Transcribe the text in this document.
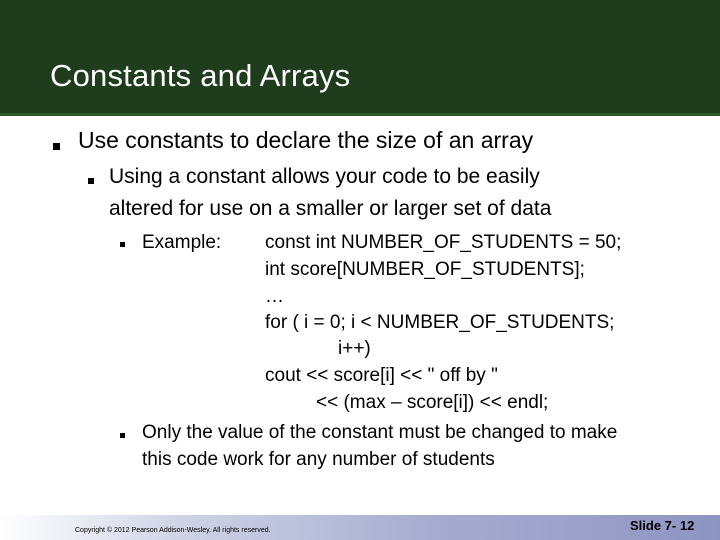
Constants and Arrays
Use constants to declare the size of an array
Using a constant allows your code to be easily
altered for use on a smaller or larger set of data
Example: const int NUMBER_OF_STUDENTS = 50;
int score[NUMBER_OF_STUDENTS];
…
for ( i = 0; i < NUMBER_OF_STUDENTS;
i++)
cout << score[i] << " off by "
<< (max – score[i]) << endl;
Only the value of the constant must be changed to make
this code work for any number of students
Copyright © 2012 Pearson Addison-Wesley. All rights reserved.	Slide 7- 12
